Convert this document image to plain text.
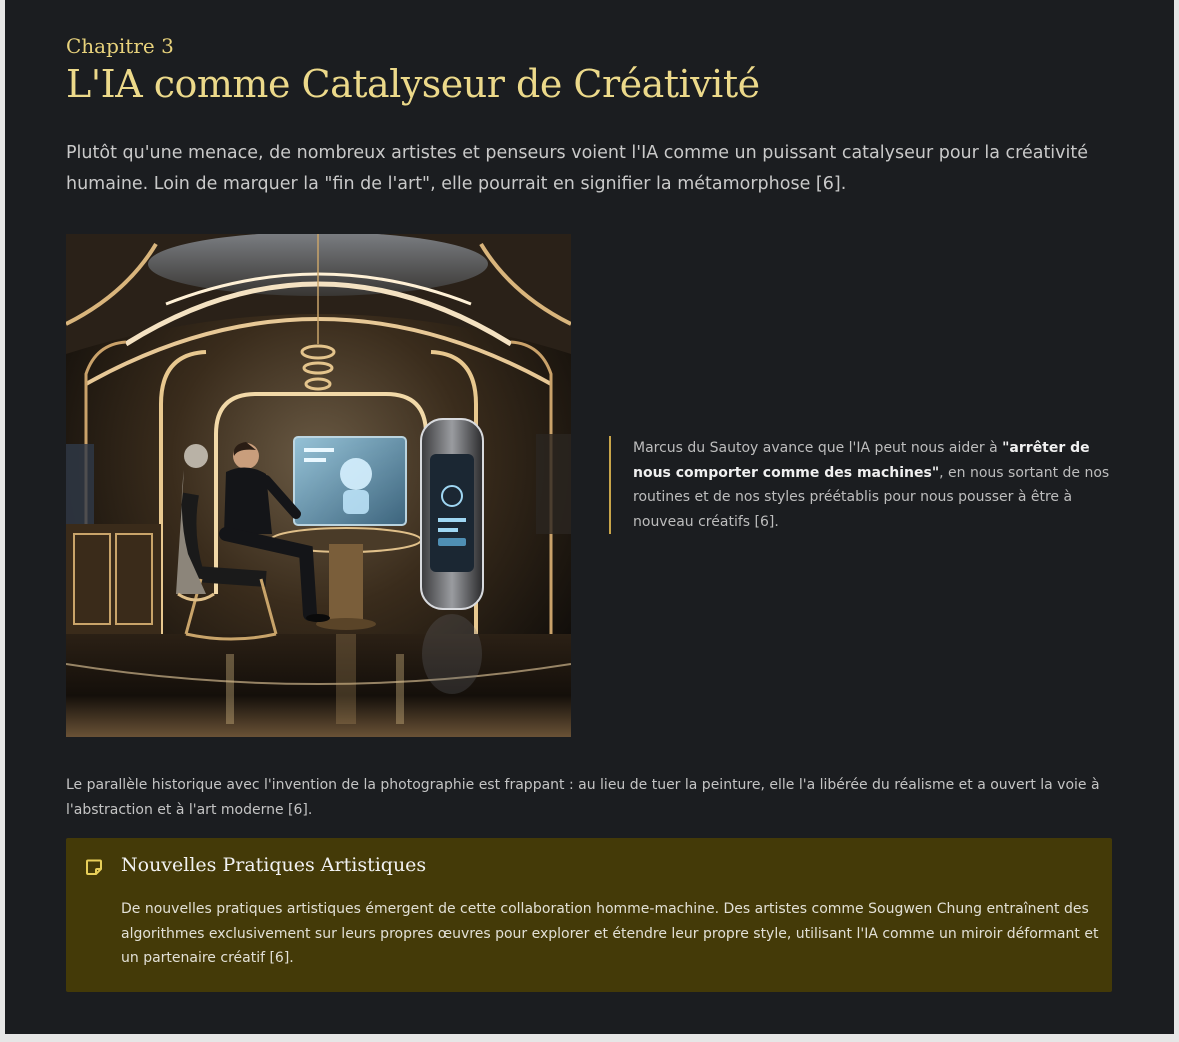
Chapitre 3

L'IA comme Catalyseur de Créativité

Plutôt qu'une menace, de nombreux artistes et penseurs voient l'IA comme un puissant catalyseur pour la créativité humaine. Loin de marquer la "fin de l'art", elle pourrait en signifier la métamorphose [6].

Marcus du Sautoy avance que l'IA peut nous aider à "arrêter de nous comporter comme des machines", en nous sortant de nos routines et de nos styles préétablis pour nous pousser à être à nouveau créatifs [6].

Le parallèle historique avec l'invention de la photographie est frappant : au lieu de tuer la peinture, elle l'a libérée du réalisme et a ouvert la voie à l'abstraction et à l'art moderne [6].

Nouvelles Pratiques Artistiques

De nouvelles pratiques artistiques émergent de cette collaboration homme-machine. Des artistes comme Sougwen Chung entraînent des algorithmes exclusivement sur leurs propres œuvres pour explorer et étendre leur propre style, utilisant l'IA comme un miroir déformant et un partenaire créatif [6].
